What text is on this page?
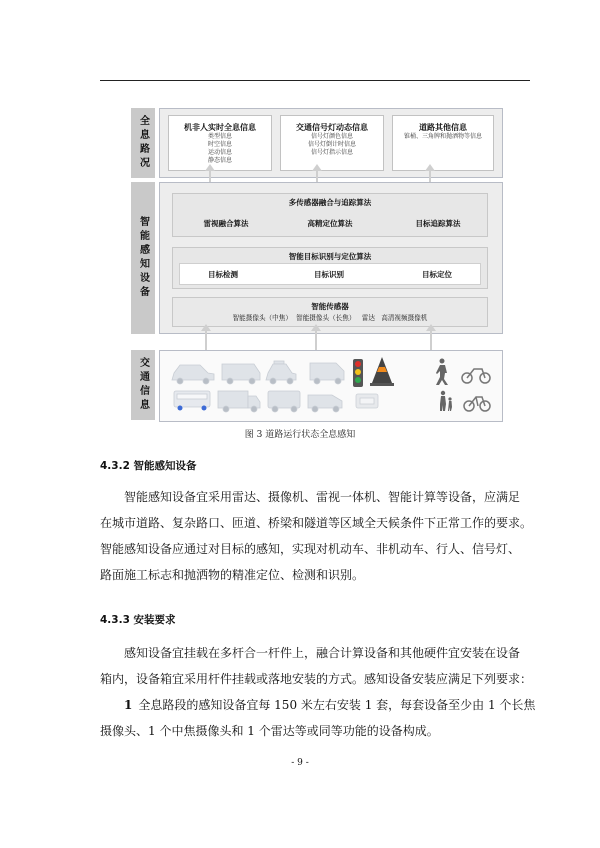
全息路况	机非人实时全息信息
类型信息
时空信息
运动信息
静态信息
交通信号灯动态信息
信号灯颜色信息
信号灯倒计时信息
信号灯指示信息
道路其他信息
锥桶、三角牌和抛洒物等信息
智能感知设备
多传感器融合与追踪算法
雷视融合算法	高精定位算法	目标追踪算法
智能目标识别与定位算法
目标检测	目标识别	目标定位
智能传感器
智能摄像头（中焦） 智能摄像头（长焦） 雷达 高清视频摄像机
交通信息
图 3 道路运行状态全息感知
4.3.2 智能感知设备
智能感知设备宜采用雷达、摄像机、雷视一体机、智能计算等设备，应满足
在城市道路、复杂路口、匝道、桥梁和隧道等区域全天候条件下正常工作的要求。
智能感知设备应通过对目标的感知，实现对机动车、非机动车、行人、信号灯、
路面施工标志和抛洒物的精准定位、检测和识别。
4.3.3 安装要求
感知设备宜挂载在多杆合一杆件上，融合计算设备和其他硬件宜安装在设备
箱内，设备箱宜采用杆件挂载或落地安装的方式。感知设备安装应满足下列要求：
1 全息路段的感知设备宜每 150 米左右安装 1 套，每套设备至少由 1 个长焦
摄像头、1 个中焦摄像头和 1 个雷达等或同等功能的设备构成。
- 9 -
